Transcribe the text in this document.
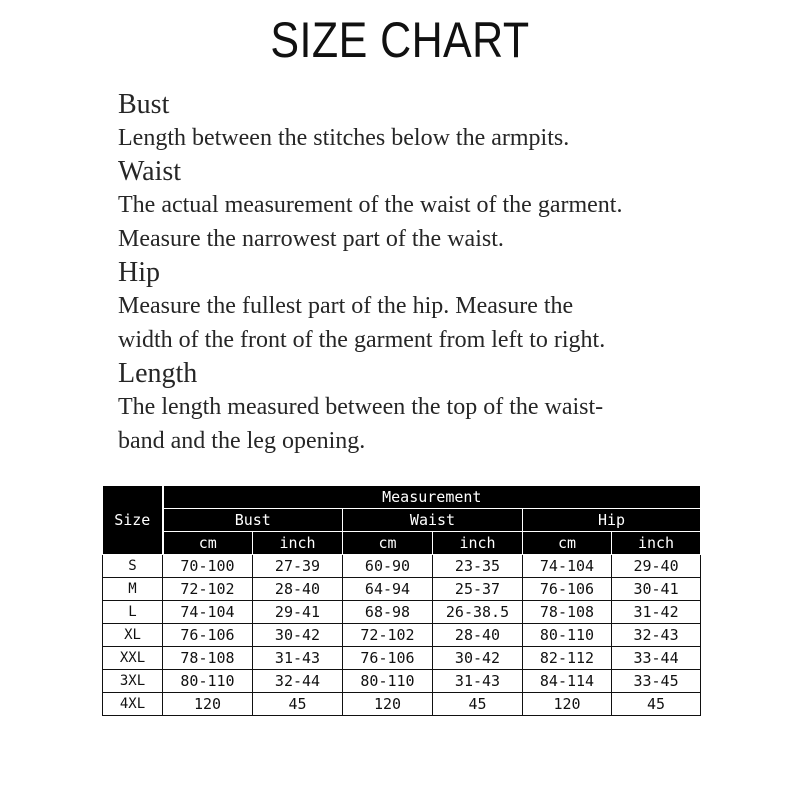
SIZE CHART
Bust
Length between the stitches below the armpits.
Waist
The actual measurement of the waist of the garment.
Measure the narrowest part of the waist.
Hip
Measure the fullest part of the hip. Measure the
width of the front of the garment from left to right.
Length
The length measured between the top of the waist-
band and the leg opening.
Size	Measurement					
	Bust		Waist		Hip	
	cm	inch	cm	inch	cm	inch
S	70-100	27-39	60-90	23-35	74-104	29-40
M	72-102	28-40	64-94	25-37	76-106	30-41
L	74-104	29-41	68-98	26-38.5	78-108	31-42
XL	76-106	30-42	72-102	28-40	80-110	32-43
XXL	78-108	31-43	76-106	30-42	82-112	33-44
3XL	80-110	32-44	80-110	31-43	84-114	33-45
4XL	120	45	120	45	120	45
